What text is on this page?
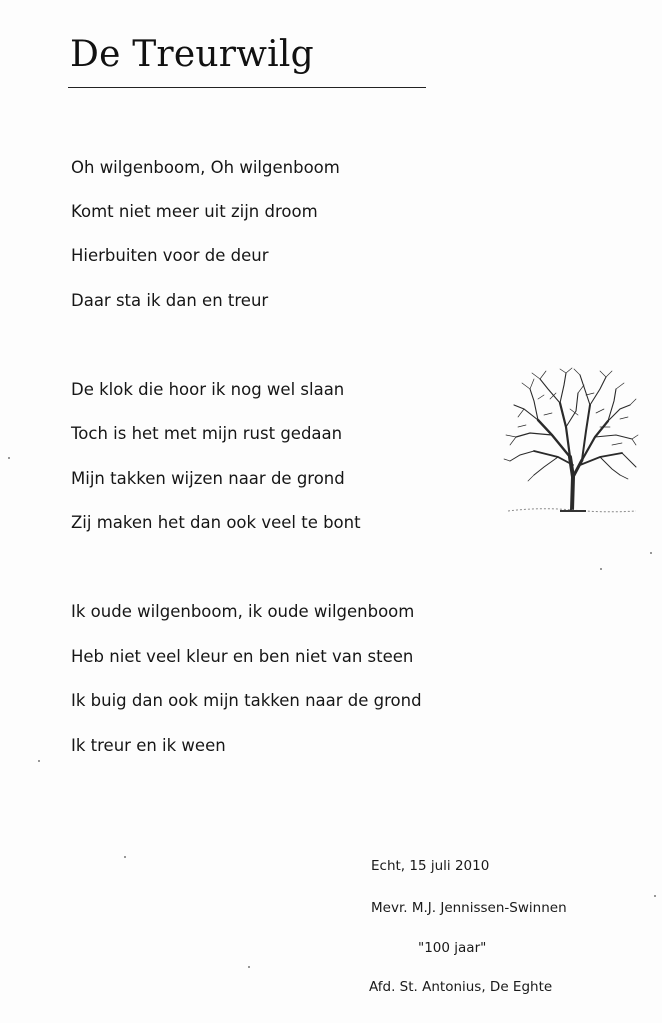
De Treurwilg

Oh wilgenboom, Oh wilgenboom

Komt niet meer uit zijn droom

Hierbuiten voor de deur

Daar sta ik dan en treur

De klok die hoor ik nog wel slaan

Toch is het met mijn rust gedaan

Mijn takken wijzen naar de grond

Zij maken het dan ook veel te bont

Ik oude wilgenboom, ik oude wilgenboom

Heb niet veel kleur en ben niet van steen

Ik buig dan ook mijn takken naar de grond

Ik treur en ik ween

Echt, 15 juli 2010
Mevr. M.J. Jennissen-Swinnen
"100 jaar"
Afd. St. Antonius, De Eghte
